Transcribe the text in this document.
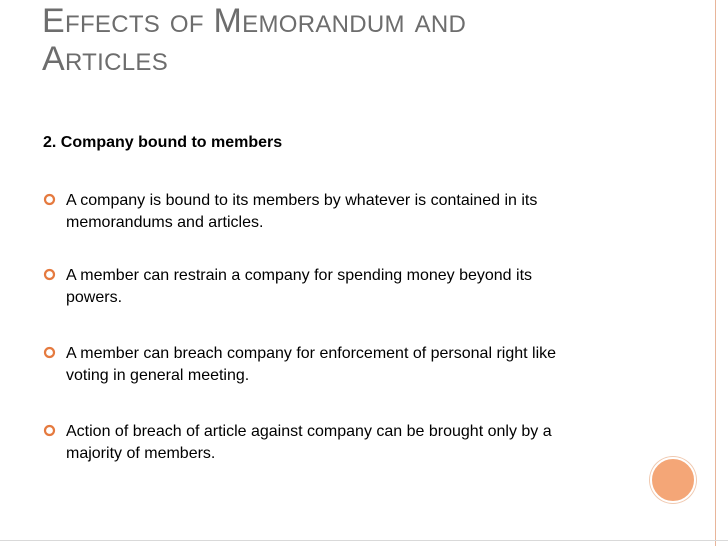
Effects of Memorandum and
Articles
2. Company bound to members
A company is bound to its members by whatever is contained in its
memorandums and articles.
A member can restrain a company for spending money beyond its
powers.
A member can breach company for enforcement of personal right like
voting in general meeting.
Action of breach of article against company can be brought only by a
majority of members.
